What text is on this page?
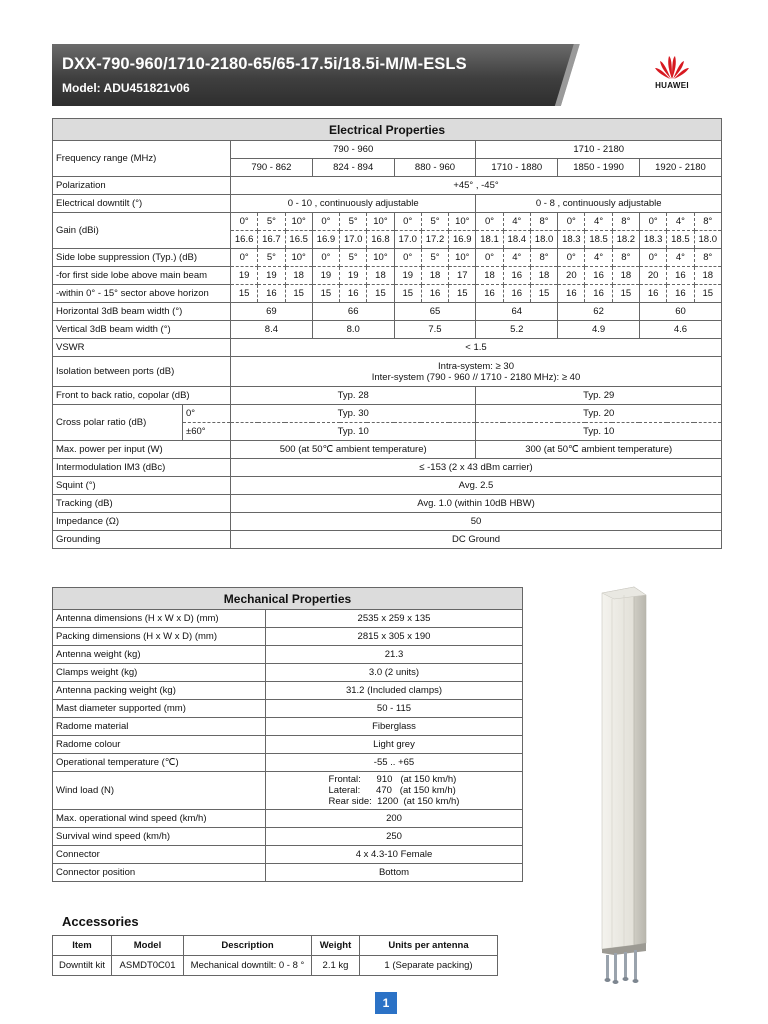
DXX-790-960/1710-2180-65/65-17.5i/18.5i-M/M-ESLS
Model: ADU451821v06	HUAWEI
Electrical Properties																			
Frequency range (MHz)		790 - 960									1710 - 2180								
		790 - 862			824 - 894			880 - 960			1710 - 1880			1850 - 1990			1920 - 2180		
Polarization		+45° , -45°																	
Electrical downtilt (°)		0 - 10 , continuously adjustable									0 - 8 , continuously adjustable								
Gain (dBi)		0°	5°	10°	0°	5°	10°	0°	5°	10°	0°	4°	8°	0°	4°	8°	0°	4°	8°
		16.6	16.7	16.5	16.9	17.0	16.8	17.0	17.2	16.9	18.1	18.4	18.0	18.3	18.5	18.2	18.3	18.5	18.0
Side lobe suppression (Typ.) (dB)		0°	5°	10°	0°	5°	10°	0°	5°	10°	0°	4°	8°	0°	4°	8°	0°	4°	8°
-for first side lobe above main beam		19	19	18	19	19	18	19	18	17	18	16	18	20	16	18	20	16	18
-within 0° - 15° sector above horizon		15	16	15	15	16	15	15	16	15	16	16	15	16	16	15	16	16	15
Horizontal 3dB beam width (°)		69			66			65			64			62			60		
Vertical 3dB beam width (°)		8.4			8.0			7.5			5.2			4.9			4.6		
VSWR		< 1.5																	
Isolation between ports (dB)		Intra-system: ≥ 30
Inter-system (790 - 960 // 1710 - 2180 MHz): ≥ 40																	

Front to back ratio, copolar (dB)		Typ. 28									Typ. 29								
Cross polar ratio (dB)	0°	Typ. 30									Typ. 20								
	±60°	Typ. 10									Typ. 10								
Max. power per input (W)		500 (at 50℃ ambient temperature)									300 (at 50℃ ambient temperature)								
Intermodulation IM3 (dBc)		≤ -153 (2 x 43 dBm carrier)																	
Squint (°)		Avg. 2.5																	
Tracking (dB)		Avg. 1.0 (within 10dB HBW)																	
Impedance (Ω)		50																	
Grounding		DC Ground																	
Mechanical Properties	
Antenna dimensions (H x W x D) (mm)	2535 x 259 x 135
Packing dimensions (H x W x D) (mm)	2815 x 305 x 190
Antenna weight (kg)	21.3
Clamps weight (kg)	3.0 (2 units)
Antenna packing weight (kg)	31.2 (Included clamps)
Mast diameter supported (mm)	50 - 115
Radome material	Fiberglass
Radome colour	Light grey
Operational temperature (℃)	-55 .. +65
Wind load (N)	Frontal:      910   (at 150 km/h)
Lateral:      470   (at 150 km/h)
Rear side:  1200  (at 150 km/h)

Max. operational wind speed (km/h)	200
Survival wind speed (km/h)	250
Connector	4 x 4.3-10 Female
Connector position	Bottom
Accessories
Item	Model	Description	Weight	Units per antenna
Downtilt kit	ASMDT0C01	Mechanical downtilt: 0 - 8 °	2.1 kg	1 (Separate packing)
1
